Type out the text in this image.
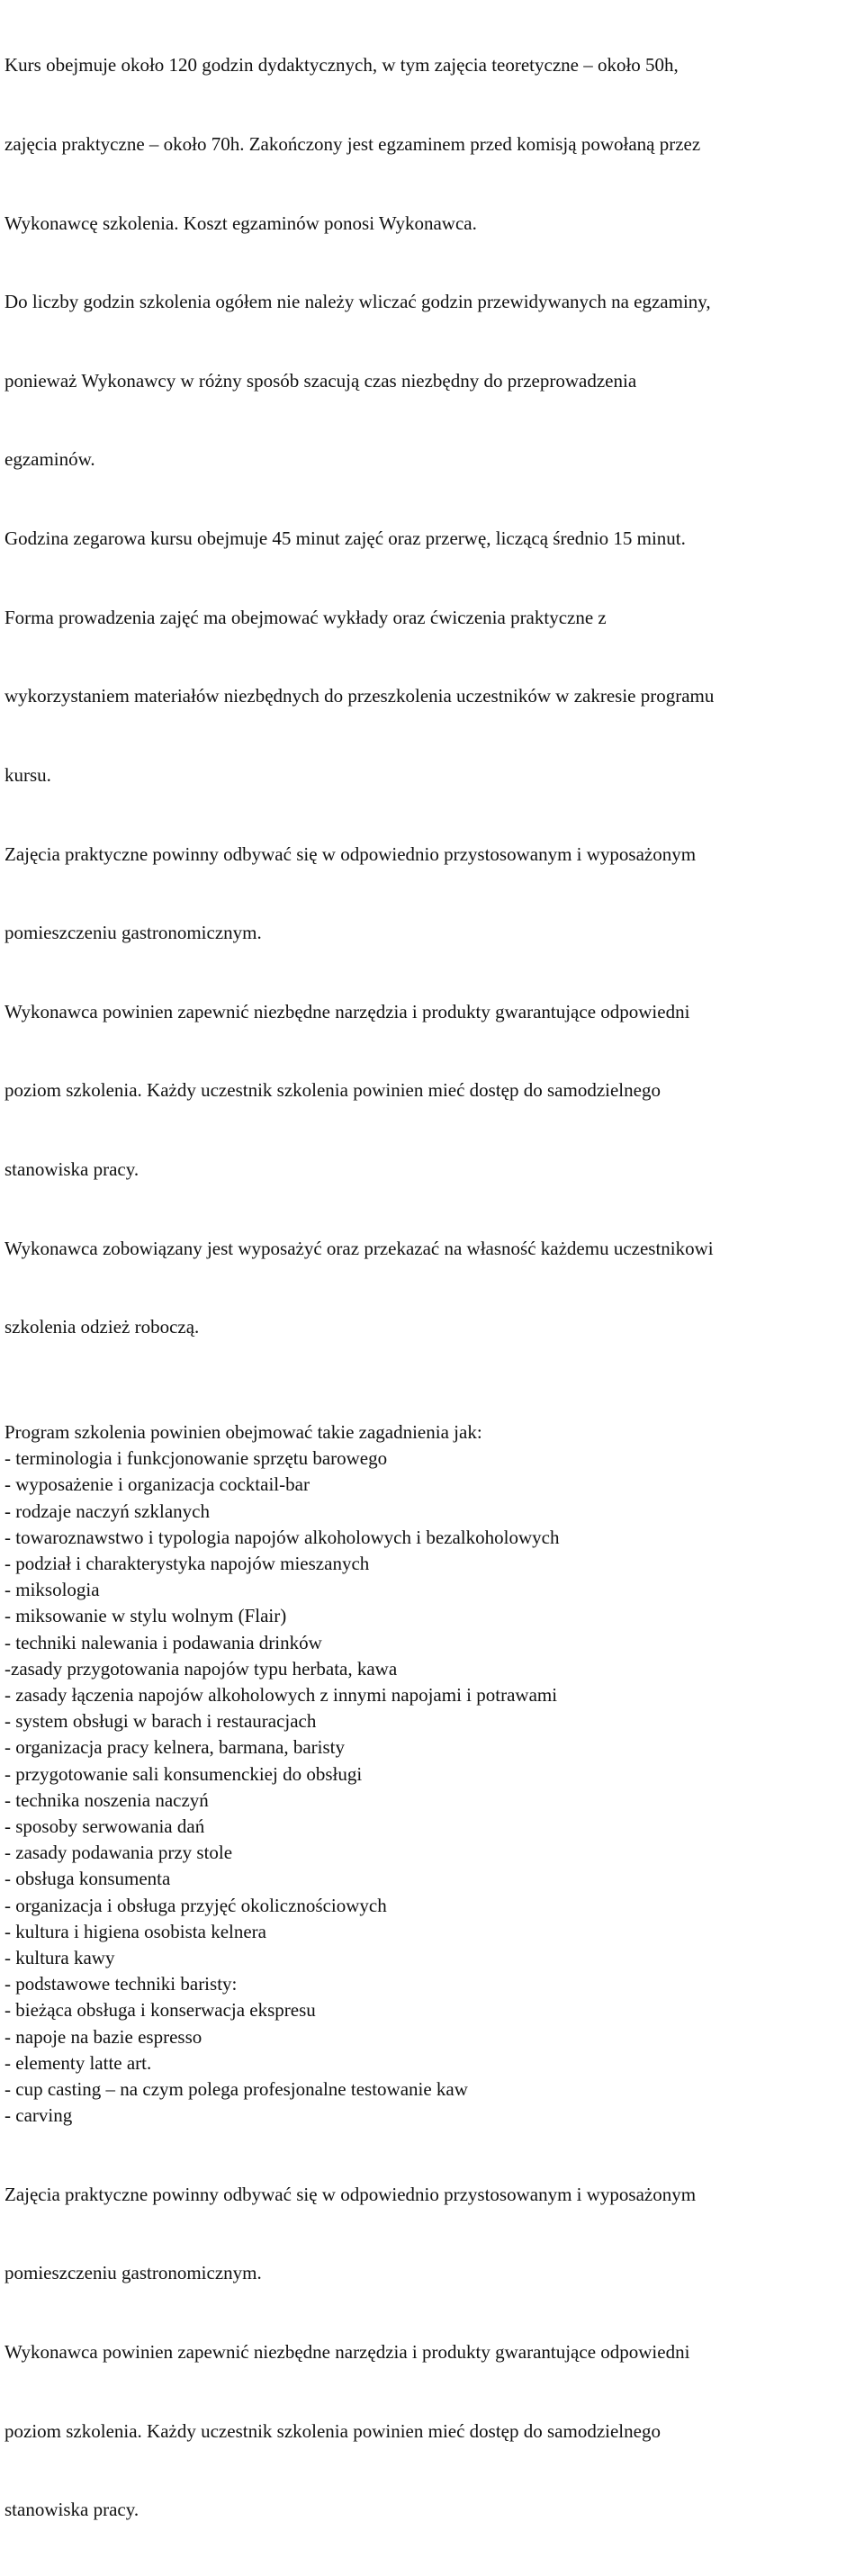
Kurs obejmuje około 120 godzin dydaktycznych, w tym zajęcia teoretyczne – około 50h,

zajęcia praktyczne – około 70h. Zakończony jest egzaminem przed komisją powołaną przez

Wykonawcę szkolenia. Koszt egzaminów ponosi Wykonawca.

Do liczby godzin szkolenia ogółem nie należy wliczać godzin przewidywanych na egzaminy,

ponieważ Wykonawcy w różny sposób szacują czas niezbędny do przeprowadzenia

egzaminów.

Godzina zegarowa kursu obejmuje 45 minut zajęć oraz przerwę, liczącą średnio 15 minut.

Forma prowadzenia zajęć ma obejmować wykłady oraz ćwiczenia praktyczne z

wykorzystaniem materiałów niezbędnych do przeszkolenia uczestników w zakresie programu

kursu.

Zajęcia praktyczne powinny odbywać się w odpowiednio przystosowanym i wyposażonym

pomieszczeniu gastronomicznym.

Wykonawca powinien zapewnić niezbędne narzędzia i produkty gwarantujące odpowiedni

poziom szkolenia. Każdy uczestnik szkolenia powinien mieć dostęp do samodzielnego

stanowiska pracy.

Wykonawca zobowiązany jest wyposażyć oraz przekazać na własność każdemu uczestnikowi

szkolenia odzież roboczą.

Program szkolenia powinien obejmować takie zagadnienia jak:

- terminologia i funkcjonowanie sprzętu barowego
- wyposażenie i organizacja cocktail-bar
- rodzaje naczyń szklanych
- towaroznawstwo i typologia napojów alkoholowych i bezalkoholowych
- podział i charakterystyka napojów mieszanych
- miksologia
- miksowanie w stylu wolnym (Flair)
- techniki nalewania i podawania drinków
-zasady przygotowania napojów typu herbata, kawa
- zasady łączenia napojów alkoholowych z innymi napojami i potrawami
- system obsługi w barach i restauracjach
- organizacja pracy kelnera, barmana, baristy
- przygotowanie sali konsumenckiej do obsługi
- technika noszenia naczyń
- sposoby serwowania dań
- zasady podawania przy stole
- obsługa konsumenta
- organizacja i obsługa przyjęć okolicznościowych
- kultura i higiena osobista kelnera
- kultura kawy
- podstawowe techniki baristy:
- bieżąca obsługa i konserwacja ekspresu
- napoje na bazie espresso
- elementy latte art.
- cup casting – na czym polega profesjonalne testowanie kaw
- carving

Zajęcia praktyczne powinny odbywać się w odpowiednio przystosowanym i wyposażonym

pomieszczeniu gastronomicznym.

Wykonawca powinien zapewnić niezbędne narzędzia i produkty gwarantujące odpowiedni

poziom szkolenia. Każdy uczestnik szkolenia powinien mieć dostęp do samodzielnego

stanowiska pracy.
